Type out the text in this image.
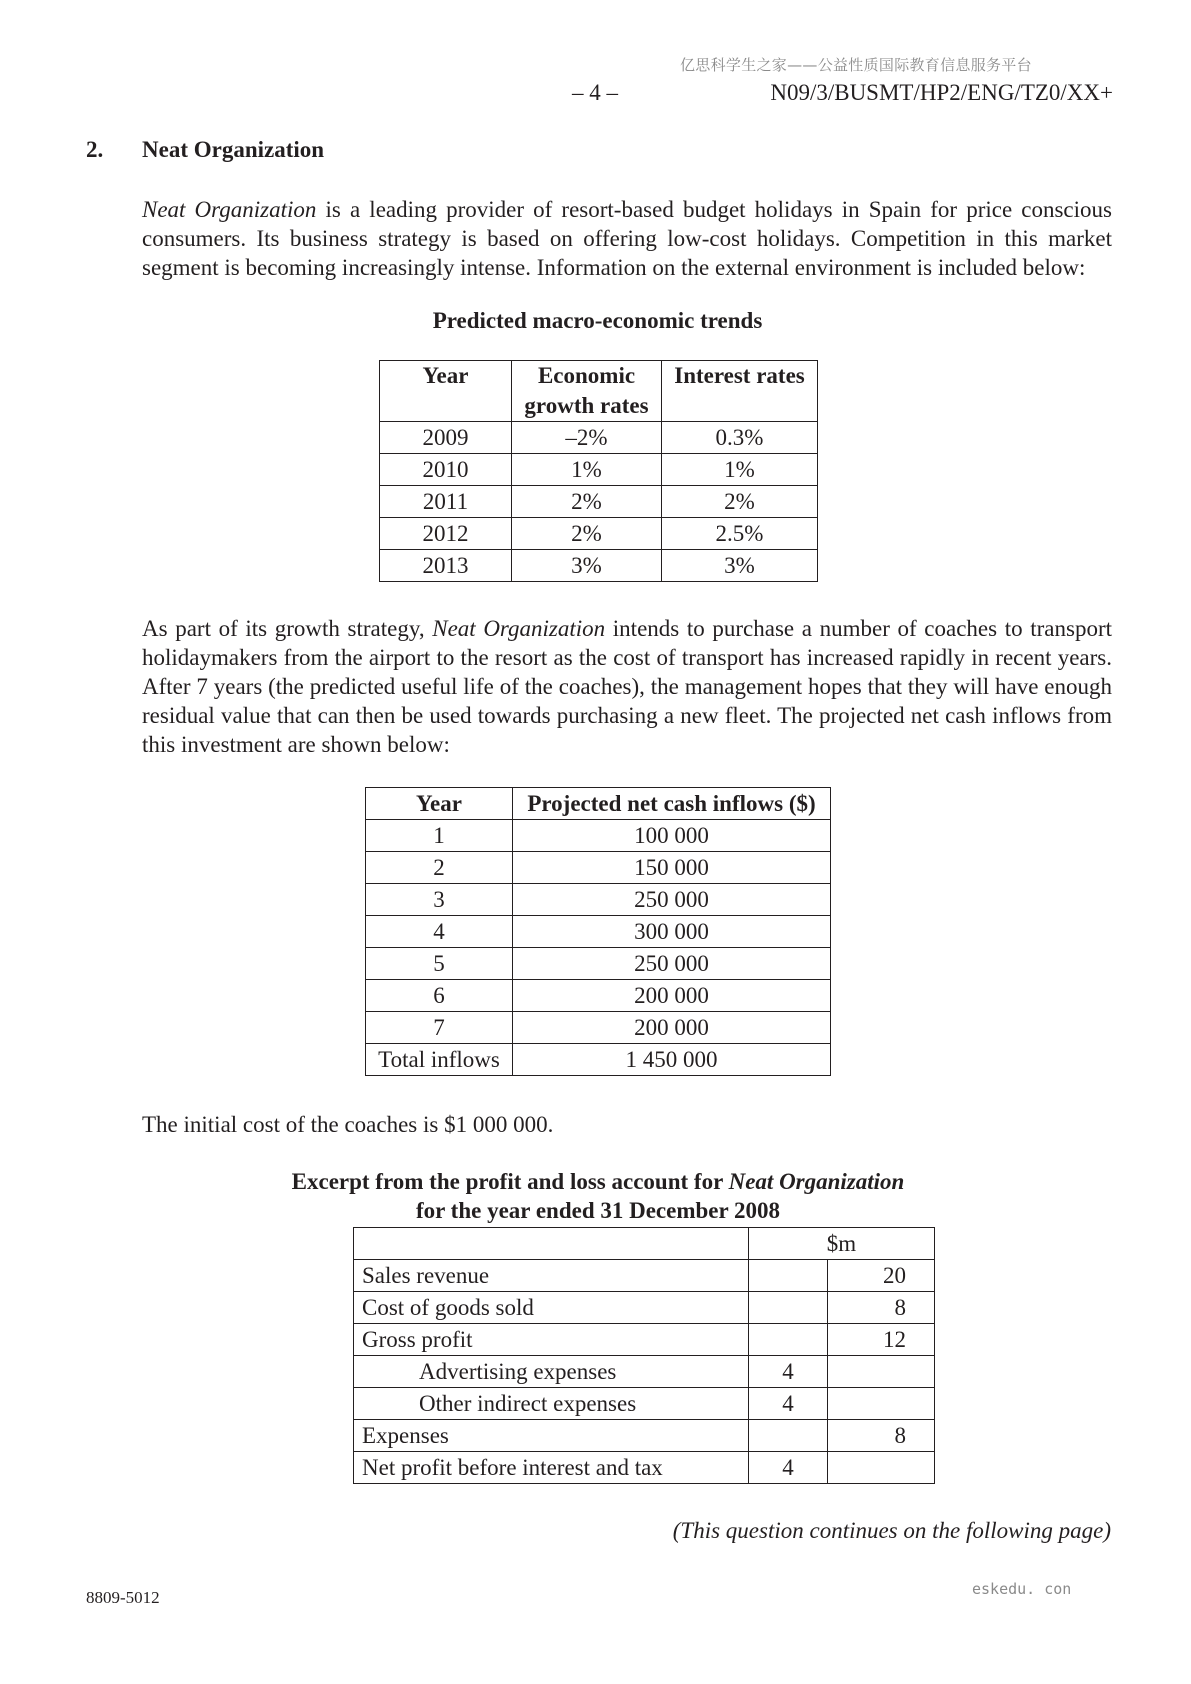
亿思科学生之家——公益性质国际教育信息服务平台
– 4 –	N09/3/BUSMT/HP2/ENG/TZ0/XX+
2. Neat Organization

Neat Organization is a leading provider of resort-based budget holidays in Spain for price conscious consumers. Its business strategy is based on offering low-cost holidays. Competition in this market segment is becoming increasingly intense. Information on the external environment is included below:

Predicted macro-economic trends
Year	Economic growth rates	Interest rates
2009	–2%	0.3%
2010	1%	1%
2011	2%	2%
2012	2%	2.5%
2013	3%	3%

As part of its growth strategy, Neat Organization intends to purchase a number of coaches to transport holidaymakers from the airport to the resort as the cost of transport has increased rapidly in recent years. After 7 years (the predicted useful life of the coaches), the management hopes that they will have enough residual value that can then be used towards purchasing a new fleet. The projected net cash inflows from this investment are shown below:

Year	Projected net cash inflows ($)
1	100 000
2	150 000
3	250 000
4	300 000
5	250 000
6	200 000
7	200 000
Total inflows	1 450 000

The initial cost of the coaches is $1 000 000.

Excerpt from the profit and loss account for Neat Organization
for the year ended 31 December 2008
	$m	
Sales revenue		20
Cost of goods sold		8
Gross profit		12
Advertising expenses	4	
Other indirect expenses	4	
Expenses		8
Net profit before interest and tax	4	
(This question continues on the following page)
8809-5012	eskedu. con
